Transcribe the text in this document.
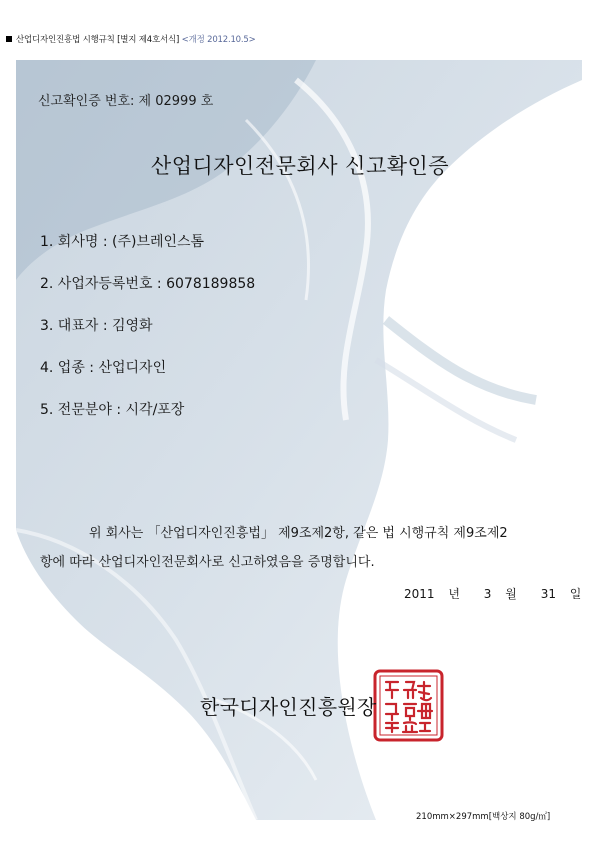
산업디자인진흥법 시행규칙 [별지 제4호서식] <개정 2012.10.5>
신고확인증 번호: 제 02999 호
산업디자인전문회사 신고확인증
1. 회사명 : (주)브레인스톰
2. 사업자등록번호 : 6078189858
3. 대표자 : 김영화
4. 업종 : 산업디자인
5. 전문분야 : 시각/포장
위 회사는 「산업디자인진흥법」 제9조제2항, 같은 법 시행규칙 제9조제2
항에 따라 산업디자인전문회사로 신고하였음을 증명합니다.
2011 년 3 월 31 일
한국디자인진흥원장
210mm×297mm[백상지 80g/㎡]
